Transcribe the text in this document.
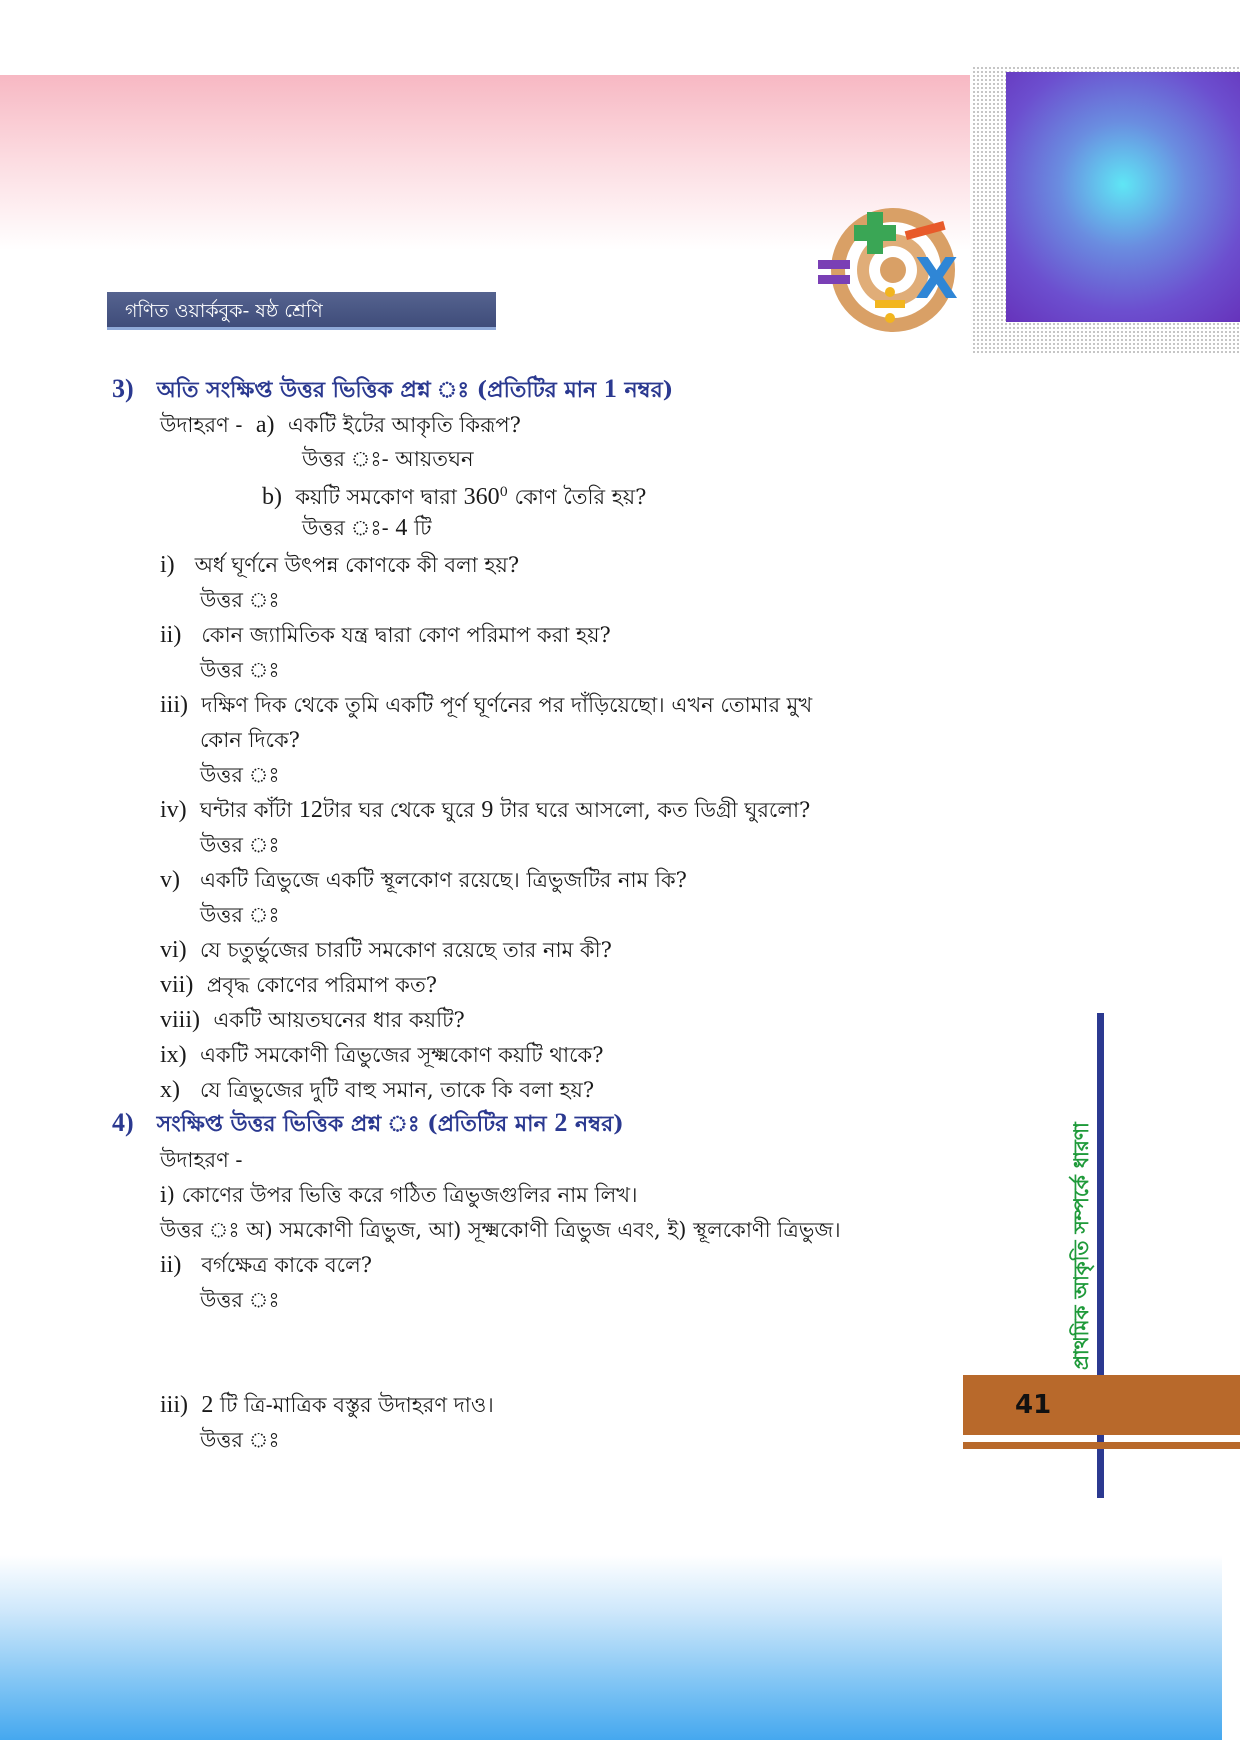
X
গণিত ওয়ার্কবুক- ষষ্ঠ শ্রেণি
3) অতি সংক্ষিপ্ত উত্তর ভিত্তিক প্রশ্ন ঃ (প্রতিটির মান 1 নম্বর)
উদাহরণ - a) একটি ইটের আকৃতি কিরূপ?
উত্তর ঃ- আয়তঘন
b) কয়টি সমকোণ দ্বারা $360^0$ কোণ তৈরি হয়?
উত্তর ঃ- 4 টি
i) অর্ধ ঘূর্ণনে উৎপন্ন কোণকে কী বলা হয়?
উত্তর ঃ
ii) কোন জ্যামিতিক যন্ত্র দ্বারা কোণ পরিমাপ করা হয়?
উত্তর ঃ
iii) দক্ষিণ দিক থেকে তুমি একটি পূর্ণ ঘূর্ণনের পর দাঁড়িয়েছো। এখন তোমার মুখ
কোন দিকে?
উত্তর ঃ
iv) ঘন্টার কাঁটা 12টার ঘর থেকে ঘুরে 9 টার ঘরে আসলো, কত ডিগ্রী ঘুরলো?
উত্তর ঃ
v) একটি ত্রিভুজে একটি স্থূলকোণ রয়েছে। ত্রিভুজটির নাম কি?
উত্তর ঃ
vi) যে চতুর্ভুজের চারটি সমকোণ রয়েছে তার নাম কী?
vii) প্রবৃদ্ধ কোণের পরিমাপ কত?
viii) একটি আয়তঘনের ধার কয়টি?
ix) একটি সমকোণী ত্রিভুজের সূক্ষ্মকোণ কয়টি থাকে?
x) যে ত্রিভুজের দুটি বাহু সমান, তাকে কি বলা হয়?
4) সংক্ষিপ্ত উত্তর ভিত্তিক প্রশ্ন ঃ (প্রতিটির মান 2 নম্বর)
উদাহরণ -
i) কোণের উপর ভিত্তি করে গঠিত ত্রিভুজগুলির নাম লিখ।
উত্তর ঃ অ) সমকোণী ত্রিভুজ, আ) সূক্ষ্মকোণী ত্রিভুজ এবং, ই) স্থূলকোণী ত্রিভুজ।
ii) বর্গক্ষেত্র কাকে বলে?
উত্তর ঃ
iii) 2 টি ত্রি-মাত্রিক বস্তুর উদাহরণ দাও।
উত্তর ঃ
প্রাথমিক আকৃতি সম্পর্কে ধারণা
41
